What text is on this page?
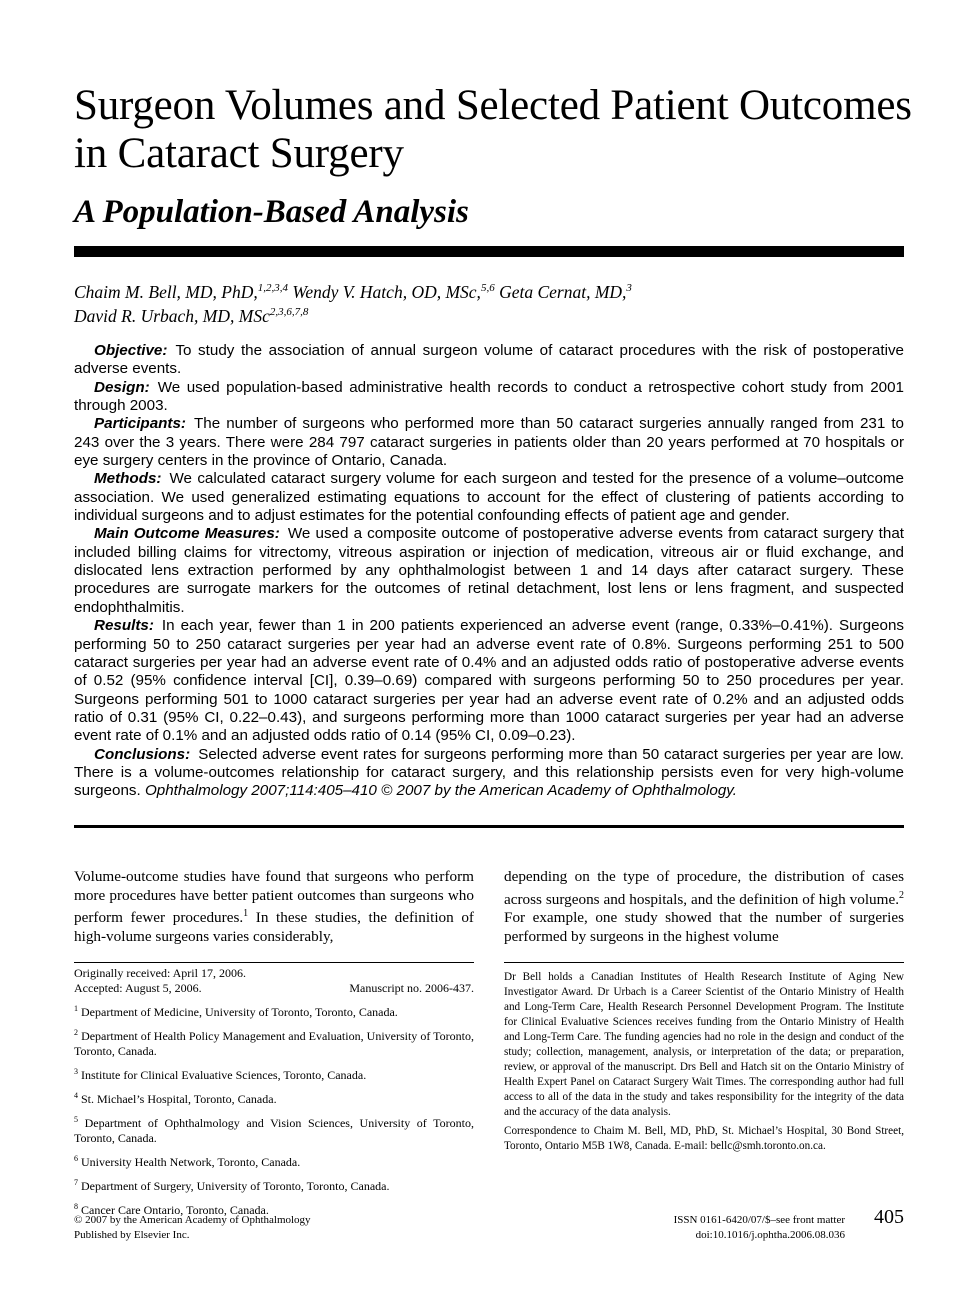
Surgeon Volumes and Selected Patient Outcomes in Cataract Surgery
A Population-Based Analysis
Chaim M. Bell, MD, PhD,$^{1,2,3,4}$ Wendy V. Hatch, OD, MSc,$^{5,6}$ Geta Cernat, MD,$^3$
David R. Urbach, MD, MSc$^{2,3,6,7,8}$

Objective: To study the association of annual surgeon volume of cataract procedures with the risk of postoperative adverse events.

Design: We used population-based administrative health records to conduct a retrospective cohort study from 2001 through 2003.

Participants: The number of surgeons who performed more than 50 cataract surgeries annually ranged from 231 to 243 over the 3 years. There were 284 797 cataract surgeries in patients older than 20 years performed at 70 hospitals or eye surgery centers in the province of Ontario, Canada.

Methods: We calculated cataract surgery volume for each surgeon and tested for the presence of a volume–outcome association. We used generalized estimating equations to account for the effect of clustering of patients according to individual surgeons and to adjust estimates for the potential confounding effects of patient age and gender.

Main Outcome Measures: We used a composite outcome of postoperative adverse events from cataract surgery that included billing claims for vitrectomy, vitreous aspiration or injection of medication, vitreous air or fluid exchange, and dislocated lens extraction performed by any ophthalmologist between 1 and 14 days after cataract surgery. These procedures are surrogate markers for the outcomes of retinal detachment, lost lens or lens fragment, and suspected endophthalmitis.

Results: In each year, fewer than 1 in 200 patients experienced an adverse event (range, 0.33%–0.41%). Surgeons performing 50 to 250 cataract surgeries per year had an adverse event rate of 0.8%. Surgeons performing 251 to 500 cataract surgeries per year had an adverse event rate of 0.4% and an adjusted odds ratio of postoperative adverse events of 0.52 (95% confidence interval [CI], 0.39–0.69) compared with surgeons performing 50 to 250 procedures per year. Surgeons performing 501 to 1000 cataract surgeries per year had an adverse event rate of 0.2% and an adjusted odds ratio of 0.31 (95% CI, 0.22–0.43), and surgeons performing more than 1000 cataract surgeries per year had an adverse event rate of 0.1% and an adjusted odds ratio of 0.14 (95% CI, 0.09–0.23).

Conclusions: Selected adverse event rates for surgeons performing more than 50 cataract surgeries per year are low. There is a volume-outcomes relationship for cataract surgery, and this relationship persists even for very high-volume surgeons. Ophthalmology 2007;114:405–410 © 2007 by the American Academy of Ophthalmology.

Volume-outcome studies have found that surgeons who perform more procedures have better patient outcomes than surgeons who perform fewer procedures.$^1$ In these studies, the definition of high-volume surgeons varies considerably,
depending on the type of procedure, the distribution of cases across surgeons and hospitals, and the definition of high volume.$^2$ For example, one study showed that the number of surgeries performed by surgeons in the highest volume
Originally received: April 17, 2006.
Accepted: August 5, 2006.	Manuscript no. 2006-437.
$^1$ Department of Medicine, University of Toronto, Toronto, Canada.
$^2$ Department of Health Policy Management and Evaluation, University of Toronto, Toronto, Canada.
$^3$ Institute for Clinical Evaluative Sciences, Toronto, Canada.
$^4$ St. Michael’s Hospital, Toronto, Canada.
$^5$ Department of Ophthalmology and Vision Sciences, University of Toronto, Toronto, Canada.
$^6$ University Health Network, Toronto, Canada.
$^7$ Department of Surgery, University of Toronto, Toronto, Canada.
$^8$ Cancer Care Ontario, Toronto, Canada.

Dr Bell holds a Canadian Institutes of Health Research Institute of Aging New Investigator Award. Dr Urbach is a Career Scientist of the Ontario Ministry of Health and Long-Term Care, Health Research Personnel Development Program. The Institute for Clinical Evaluative Sciences receives funding from the Ontario Ministry of Health and Long-Term Care. The funding agencies had no role in the design and conduct of the study; collection, management, analysis, or interpretation of the data; or preparation, review, or approval of the manuscript. Drs Bell and Hatch sit on the Ontario Ministry of Health Expert Panel on Cataract Surgery Wait Times. The corresponding author had full access to all of the data in the study and takes responsibility for the integrity of the data and the accuracy of the data analysis.

Correspondence to Chaim M. Bell, MD, PhD, St. Michael’s Hospital, 30 Bond Street, Toronto, Ontario M5B 1W8, Canada. E-mail: bellc@smh.toronto.on.ca.

© 2007 by the American Academy of Ophthalmology
Published by Elsevier Inc.
ISSN 0161-6420/07/$–see front matter
doi:10.1016/j.ophtha.2006.08.036
405
